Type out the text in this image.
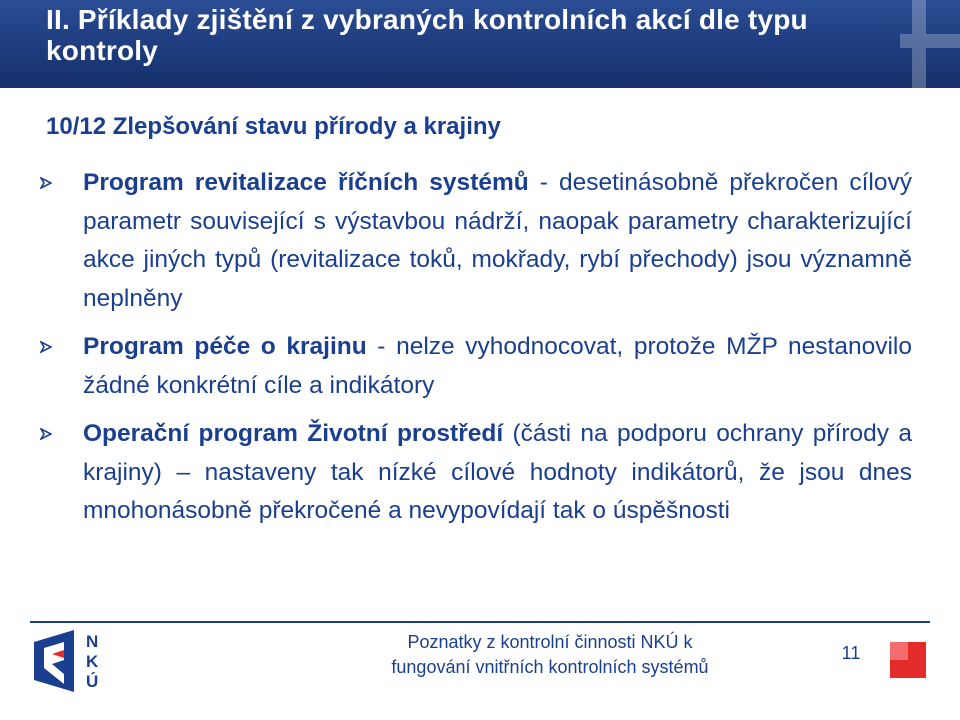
II. Příklady zjištění z vybraných kontrolních akcí dle typu kontroly
10/12 Zlepšování stavu přírody a krajiny
Program revitalizace říčních systémů - desetinásobně překročen cílový parametr související s výstavbou nádrží, naopak parametry charakterizující akce jiných typů (revitalizace toků, mokřady, rybí přechody) jsou významně neplněny
Program péče o krajinu - nelze vyhodnocovat, protože MŽP nestanovilo žádné konkrétní cíle a indikátory
Operační program Životní prostředí (části na podporu ochrany přírody a krajiny) – nastaveny tak nízké cílové hodnoty indikátorů, že jsou dnes mnohonásobně překročené a nevypovídají tak o úspěšnosti
N
K
Ú
Poznatky z kontrolní činnosti NKÚ k
fungování vnitřních kontrolních systémů
11
